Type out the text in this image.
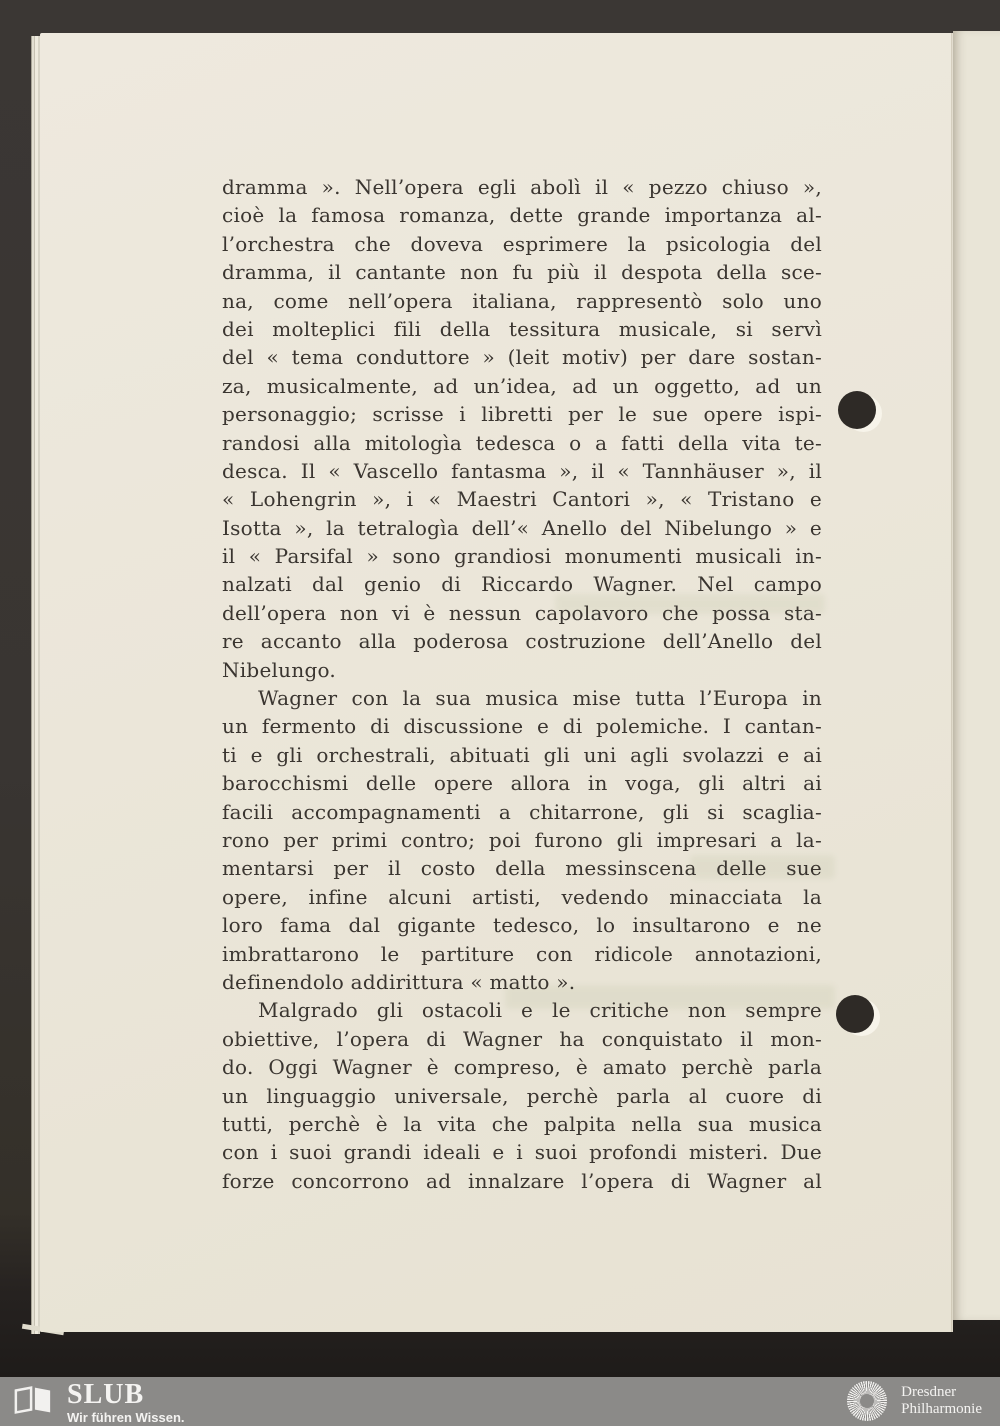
dramma ». Nell’opera egli abolì il « pezzo chiuso »,
cioè la famosa romanza, dette grande importanza al-
l’orchestra che doveva esprimere la psicologia del
dramma, il cantante non fu più il despota della sce-
na, come nell’opera italiana, rappresentò solo uno
dei molteplici fili della tessitura musicale, si servì
del « tema conduttore » (leit motiv) per dare sostan-
za, musicalmente, ad un’idea, ad un oggetto, ad un
personaggio; scrisse i libretti per le sue opere ispi-
randosi alla mitologìa tedesca o a fatti della vita te-
desca. Il « Vascello fantasma », il « Tannhäuser », il
« Lohengrin », i « Maestri Cantori », « Tristano e
Isotta », la tetralogìa dell’« Anello del Nibelungo » e
il « Parsifal » sono grandiosi monumenti musicali in-
nalzati dal genio di Riccardo Wagner. Nel campo
dell’opera non vi è nessun capolavoro che possa sta-
re accanto alla poderosa costruzione dell’Anello del
Nibelungo.
Wagner con la sua musica mise tutta l’Europa in
un fermento di discussione e di polemiche. I cantan-
ti e gli orchestrali, abituati gli uni agli svolazzi e ai
barocchismi delle opere allora in voga, gli altri ai
facili accompagnamenti a chitarrone, gli si scaglia-
rono per primi contro; poi furono gli impresari a la-
mentarsi per il costo della messinscena delle sue
opere, infine alcuni artisti, vedendo minacciata la
loro fama dal gigante tedesco, lo insultarono e ne
imbrattarono le partiture con ridicole annotazioni,
definendolo addirittura « matto ».
Malgrado gli ostacoli e le critiche non sempre
obiettive, l’opera di Wagner ha conquistato il mon-
do. Oggi Wagner è compreso, è amato perchè parla
un linguaggio universale, perchè parla al cuore di
tutti, perchè è la vita che palpita nella sua musica
con i suoi grandi ideali e i suoi profondi misteri. Due
forze concorrono ad innalzare l’opera di Wagner al
SLUB
Wir führen Wissen.
Dresdner
Philharmonie
